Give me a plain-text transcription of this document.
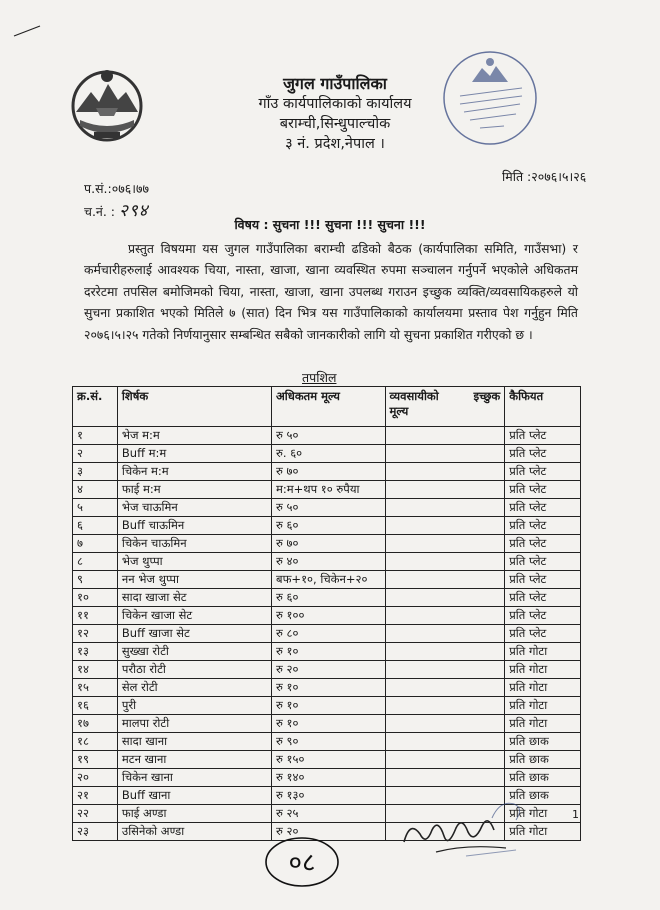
जुगल गाउँपालिका
गाँउ कार्यपालिकाको कार्यालय
बराम्ची,सिन्धुपाल्चोक
३ नं. प्रदेश,नेपाल ।
प.सं.:०७६।७७
च.नं. : २९४
मिति :२०७६।५।२६
विषय : सुचना !!! सुचना !!! सुचना !!!
प्रस्तुत विषयमा यस जुगल गाउँपालिका बराम्ची ढडिको बैठक (कार्यपालिका समिति, गाउँसभा) र कर्मचारीहरुलाई आवश्यक चिया, नास्ता, खाजा, खाना व्यवस्थित रुपमा सञ्चालन गर्नुपर्ने भएकोले अधिकतम दररेटमा तपसिल बमोजिमको चिया, नास्ता, खाजा, खाना उपलब्ध गराउन इच्छुक व्यक्ति/व्यवसायिकहरुले यो सुचना प्रकाशित भएको मितिले ७ (सात) दिन भित्र यस गाउँपालिकाको कार्यालयमा प्रस्ताव पेश गर्नुहुन मिति २०७६।५।२५ गतेको निर्णयानुसार सम्बन्धित सबैको जानकारीको लागि यो सुचना प्रकाशित गरीएको छ ।
तपशिल
क्र.सं.	शिर्षक	अधिकतम मूल्य	व्यवसायीको इच्छुक
मूल्य	कैफियत
१	भेज म:म	रु ५०		प्रति प्लेट
२	Buff म:म	रु. ६०		प्रति प्लेट
३	चिकेन म:म	रु ७०		प्रति प्लेट
४	फाई म:म	म:म+थप १० रुपैया		प्रति प्लेट
५	भेज चाऊमिन	रु ५०		प्रति प्लेट
६	Buff चाऊमिन	रु ६०		प्रति प्लेट
७	चिकेन चाऊमिन	रु ७०		प्रति प्लेट
८	भेज थुप्पा	रु ४०		प्रति प्लेट
९	नन भेज थुप्पा	बफ+१०, चिकेन+२०		प्रति प्लेट
१०	सादा खाजा सेट	रु ६०		प्रति प्लेट
११	चिकेन खाजा सेट	रु १००		प्रति प्लेट
१२	Buff खाजा सेट	रु ८०		प्रति प्लेट
१३	सुख्खा रोटी	रु १०		प्रति गोटा
१४	परौठा रोटी	रु २०		प्रति गोटा
१५	सेल रोटी	रु १०		प्रति गोटा
१६	पुरी	रु १०		प्रति गोटा
१७	मालपा रोटी	रु १०		प्रति गोटा
१८	सादा खाना	रु ९०		प्रति छाक
१९	मटन खाना	रु १५०		प्रति छाक
२०	चिकेन खाना	रु १४०		प्रति छाक
२१	Buff खाना	रु १३०		प्रति छाक
२२	फाई अण्डा	रु २५		प्रति गोटा
२३	उसिनेको अण्डा	रु २०		प्रति गोटा
1
०८
